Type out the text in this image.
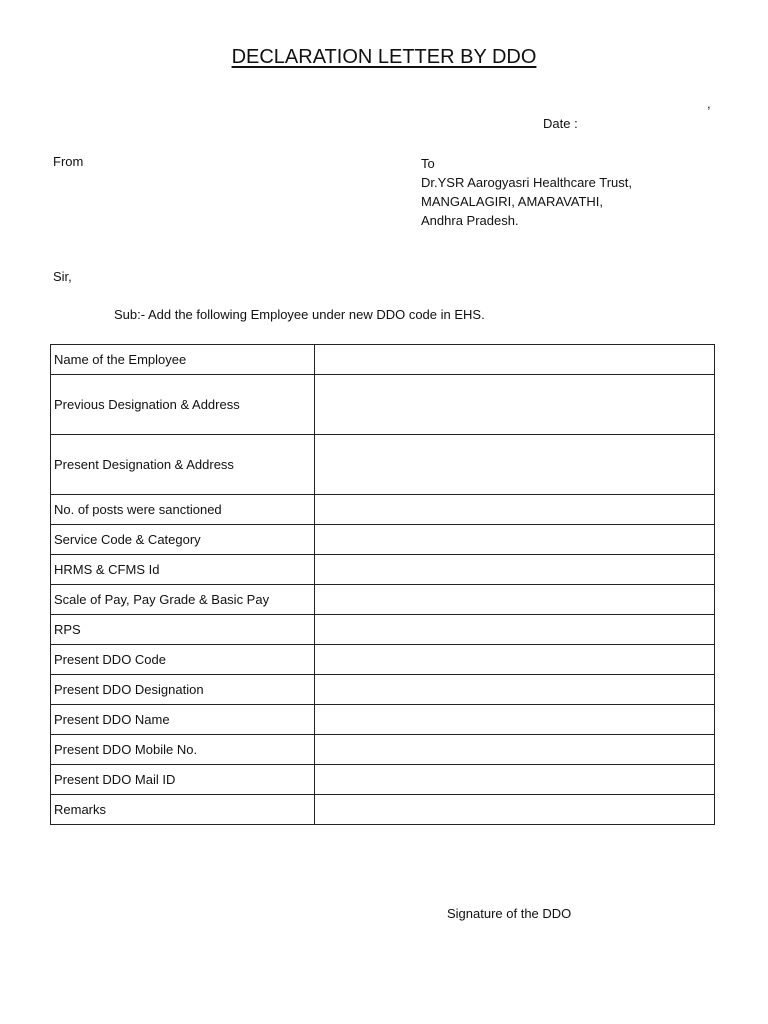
DECLARATION LETTER BY DDO
,
Date :
From	To
Dr.YSR Aarogyasri Healthcare Trust,
MANGALAGIRI, AMARAVATHI,
Andhra Pradesh.
Sir,
Sub:- Add the following Employee under new DDO code in EHS.
Name of the Employee	
Previous Designation & Address	
Present Designation & Address	
No. of posts were sanctioned	
Service Code & Category	
HRMS & CFMS Id	
Scale of Pay, Pay Grade & Basic Pay	
RPS	
Present DDO Code	
Present DDO Designation	
Present DDO Name	
Present DDO Mobile No.	
Present DDO Mail ID	
Remarks	
Signature of the DDO
